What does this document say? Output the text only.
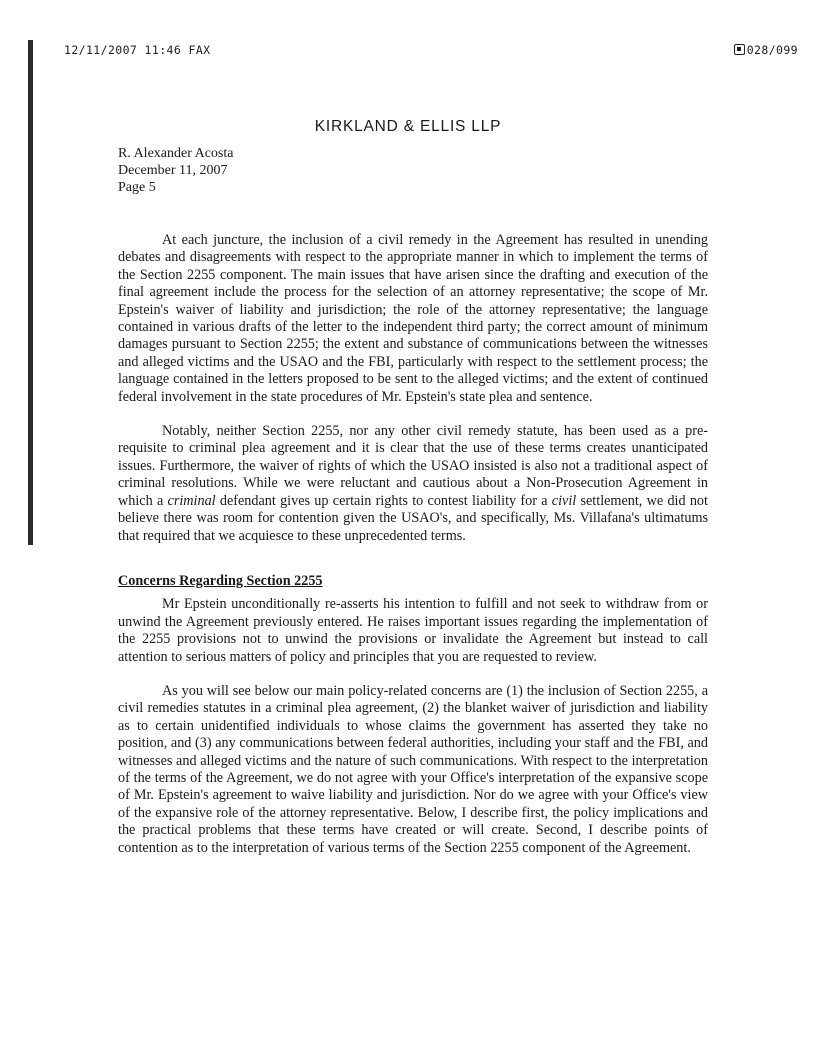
12/11/2007 11:46 FAX	028/099
KIRKLAND & ELLIS LLP
R. Alexander Acosta
December 11, 2007
Page 5

At each juncture, the inclusion of a civil remedy in the Agreement has resulted in unending debates and disagreements with respect to the appropriate manner in which to implement the terms of the Section 2255 component. The main issues that have arisen since the drafting and execution of the final agreement include the process for the selection of an attorney representative; the scope of Mr. Epstein's waiver of liability and jurisdiction; the role of the attorney representative; the language contained in various drafts of the letter to the independent third party; the correct amount of minimum damages pursuant to Section 2255; the extent and substance of communications between the witnesses and alleged victims and the USAO and the FBI, particularly with respect to the settlement process; the language contained in the letters proposed to be sent to the alleged victims; and the extent of continued federal involvement in the state procedures of Mr. Epstein's state plea and sentence.

Notably, neither Section 2255, nor any other civil remedy statute, has been used as a pre-requisite to criminal plea agreement and it is clear that the use of these terms creates unanticipated issues. Furthermore, the waiver of rights of which the USAO insisted is also not a traditional aspect of criminal resolutions. While we were reluctant and cautious about a Non-Prosecution Agreement in which a criminal defendant gives up certain rights to contest liability for a civil settlement, we did not believe there was room for contention given the USAO's, and specifically, Ms. Villafana's ultimatums that required that we acquiesce to these unprecedented terms.

Concerns Regarding Section 2255

Mr Epstein unconditionally re-asserts his intention to fulfill and not seek to withdraw from or unwind the Agreement previously entered. He raises important issues regarding the implementation of the 2255 provisions not to unwind the provisions or invalidate the Agreement but instead to call attention to serious matters of policy and principles that you are requested to review.

As you will see below our main policy-related concerns are (1) the inclusion of Section 2255, a civil remedies statutes in a criminal plea agreement, (2) the blanket waiver of jurisdiction and liability as to certain unidentified individuals to whose claims the government has asserted they take no position, and (3) any communications between federal authorities, including your staff and the FBI, and witnesses and alleged victims and the nature of such communications. With respect to the interpretation of the terms of the Agreement, we do not agree with your Office's interpretation of the expansive scope of Mr. Epstein's agreement to waive liability and jurisdiction. Nor do we agree with your Office's view of the expansive role of the attorney representative. Below, I describe first, the policy implications and the practical problems that these terms have created or will create. Second, I describe points of contention as to the interpretation of various terms of the Section 2255 component of the Agreement.
